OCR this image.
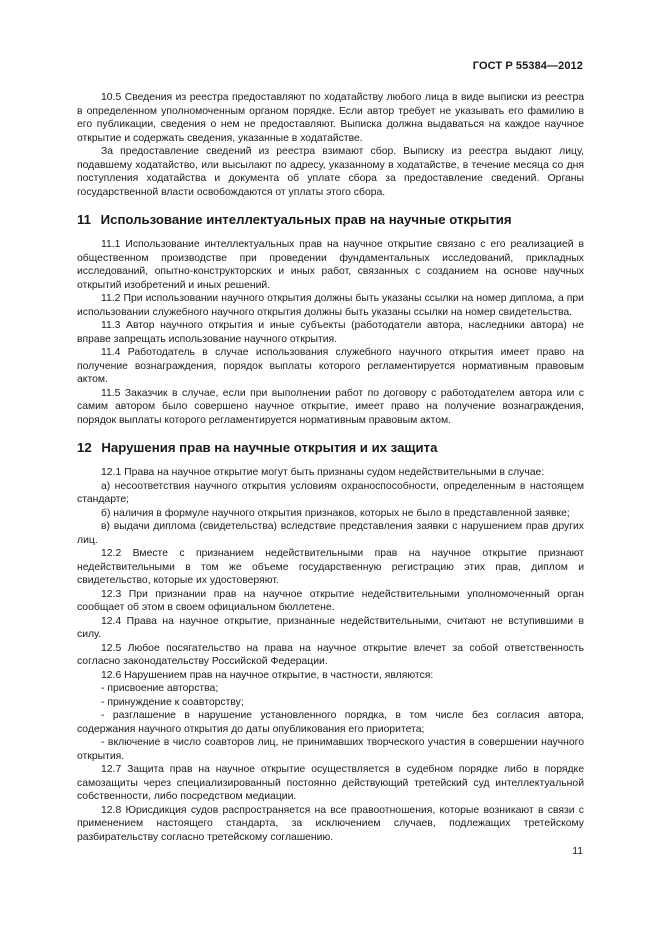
ГОСТ Р 55384—2012

10.5 Сведения из реестра предоставляют по ходатайству любого лица в виде выписки из реестра в определенном уполномоченным органом порядке. Если автор требует не указывать его фамилию в его публикации, сведения о нем не предоставляют. Выписка должна выдаваться на каждое научное открытие и содержать сведения, указанные в ходатайстве.

За предоставление сведений из реестра взимают сбор. Выписку из реестра выдают лицу, подавшему ходатайство, или высылают по адресу, указанному в ходатайстве, в течение месяца со дня поступления ходатайства и документа об уплате сбора за предоставление сведений. Органы государственной власти освобождаются от уплаты этого сбора.

11 Использование интеллектуальных прав на научные открытия

11.1 Использование интеллектуальных прав на научное открытие связано с его реализацией в общественном производстве при проведении фундаментальных исследований, прикладных исследований, опытно-конструкторских и иных работ, связанных с созданием на основе научных открытий изобретений и иных решений.

11.2 При использовании научного открытия должны быть указаны ссылки на номер диплома, а при использовании служебного научного открытия должны быть указаны ссылки на номер свидетельства.

11.3 Автор научного открытия и иные субъекты (работодатели автора, наследники автора) не вправе запрещать использование научного открытия.

11.4 Работодатель в случае использования служебного научного открытия имеет право на получение вознаграждения, порядок выплаты которого регламентируется нормативным правовым актом.

11.5 Заказчик в случае, если при выполнении работ по договору с работодателем автора или с самим автором было совершено научное открытие, имеет право на получение вознаграждения, порядок выплаты которого регламентируется нормативным правовым актом.

12 Нарушения прав на научные открытия и их защита

12.1 Права на научное открытие могут быть признаны судом недействительными в случае:

а) несоответствия научного открытия условиям охраноспособности, определенным в настоящем стандарте;

б) наличия в формуле научного открытия признаков, которых не было в представленной заявке;

в) выдачи диплома (свидетельства) вследствие представления заявки с нарушением прав других лиц.

12.2 Вместе с признанием недействительными прав на научное открытие признают недействительными в том же объеме государственную регистрацию этих прав, диплом и свидетельство, которые их удостоверяют.

12.3 При признании прав на научное открытие недействительными уполномоченный орган сообщает об этом в своем официальном бюллетене.

12.4 Права на научное открытие, признанные недействительными, считают не вступившими в силу.

12.5 Любое посягательство на права на научное открытие влечет за собой ответственность согласно законодательству Российской Федерации.

12.6 Нарушением прав на научное открытие, в частности, являются:

- присвоение авторства;

- принуждение к соавторству;

- разглашение в нарушение установленного порядка, в том числе без согласия автора, содержания научного открытия до даты опубликования его приоритета;

- включение в число соавторов лиц, не принимавших творческого участия в совершении научного открытия.

12.7 Защита прав на научное открытие осуществляется в судебном порядке либо в порядке самозащиты через специализированный постоянно действующий третейский суд интеллектуальной собственности, либо посредством медиации.

12.8 Юрисдикция судов распространяется на все правоотношения, которые возникают в связи с применением настоящего стандарта, за исключением случаев, подлежащих третейскому разбирательству согласно третейскому соглашению.

11
